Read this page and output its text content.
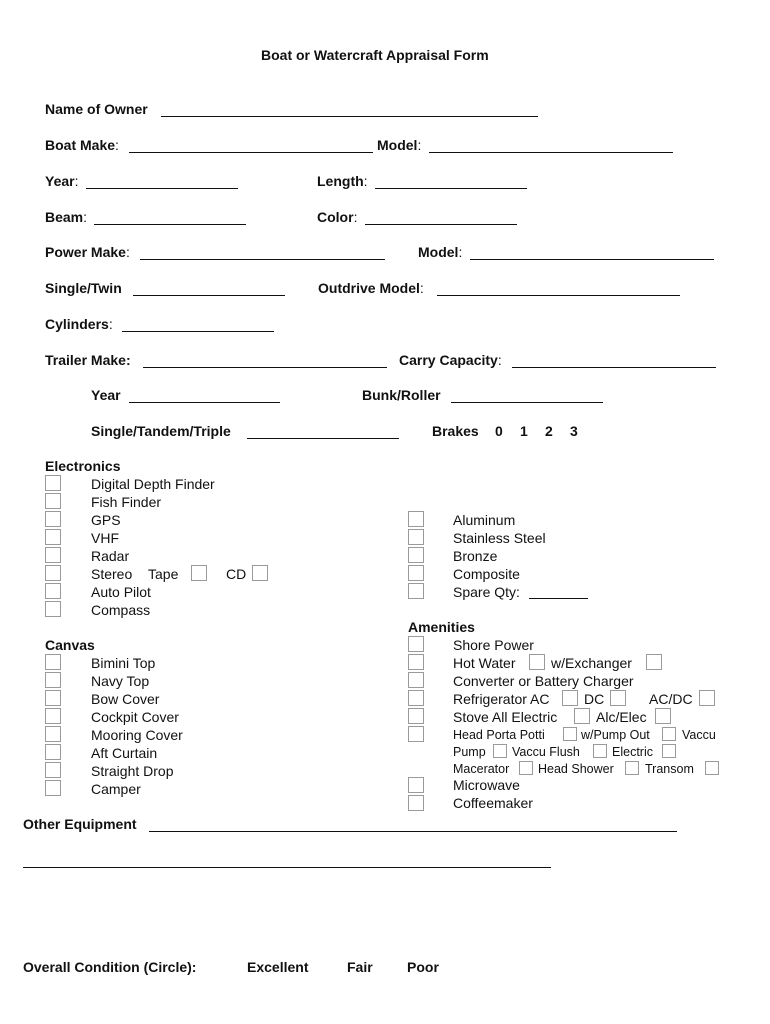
Boat or Watercraft Appraisal Form
Name of Owner
Boat Make:	Model:
Year:	Length:
Beam:	Color:
Power Make:	Model:
Single/Twin	Outdrive Model:
Cylinders:
Trailer Make:	Carry Capacity:
Year	Bunk/Roller
Single/Tandem/Triple	Brakes 0 1 2 3
Electronics
Digital Depth Finder
Fish Finder
GPS
VHF
Radar
Stereo Tape	CD
Auto Pilot
Compass
Aluminum
Stainless Steel
Bronze
Composite
Spare Qty:
Amenities
Canvas
Bimini Top
Navy Top
Bow Cover
Cockpit Cover
Mooring Cover
Aft Curtain
Straight Drop
Camper
Shore Power
Hot Water	w/Exchanger
Converter or Battery Charger
Refrigerator AC DC	AC/DC
Stove All Electric	Alc/Elec
Head Porta Potti	w/Pump Out	Vaccu
Pump Vaccu Flush	Electric
Macerator Head Shower	Transom
Microwave
Coffeemaker
Other Equipment
Overall Condition (Circle):	Excellent	Fair Poor
